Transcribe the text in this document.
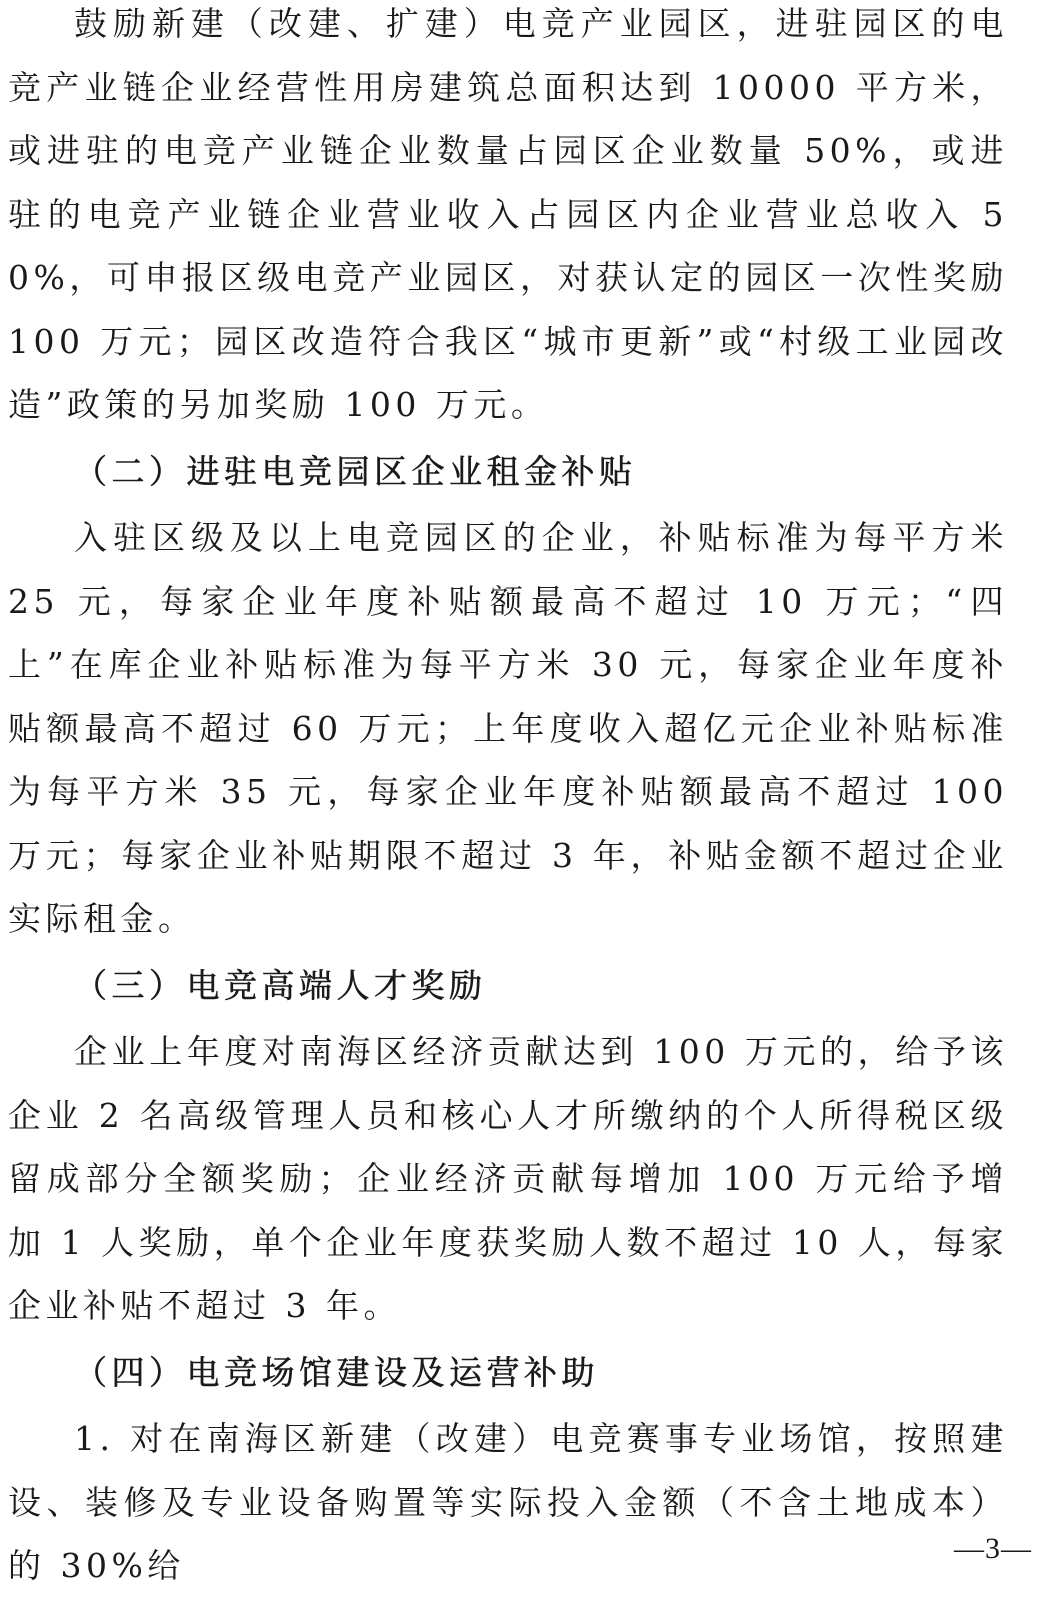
鼓励新建（改建、扩建）电竞产业园区，进驻园区的电竞产业链企业经营性用房建筑总面积达到 10000 平方米，或进驻的电竞产业链企业数量占园区企业数量 50%，或进驻的电竞产业链企业营业收入占园区内企业营业总收入 50%，可申报区级电竞产业园区，对获认定的园区一次性奖励 100 万元；园区改造符合我区“城市更新”或“村级工业园改造”政策的另加奖励 100 万元。

（二）进驻电竞园区企业租金补贴

入驻区级及以上电竞园区的企业，补贴标准为每平方米 25 元，每家企业年度补贴额最高不超过 10 万元；“四上”在库企业补贴标准为每平方米 30 元，每家企业年度补贴额最高不超过 60 万元；上年度收入超亿元企业补贴标准为每平方米 35 元，每家企业年度补贴额最高不超过 100 万元；每家企业补贴期限不超过 3 年，补贴金额不超过企业实际租金。

（三）电竞高端人才奖励

企业上年度对南海区经济贡献达到 100 万元的，给予该企业 2 名高级管理人员和核心人才所缴纳的个人所得税区级留成部分全额奖励；企业经济贡献每增加 100 万元给予增加 1 人奖励，单个企业年度获奖励人数不超过 10 人，每家企业补贴不超过 3 年。

（四）电竞场馆建设及运营补助

1. 对在南海区新建（改建）电竞赛事专业场馆，按照建设、装修及专业设备购置等实际投入金额（不含土地成本）的 30%给	—3—
